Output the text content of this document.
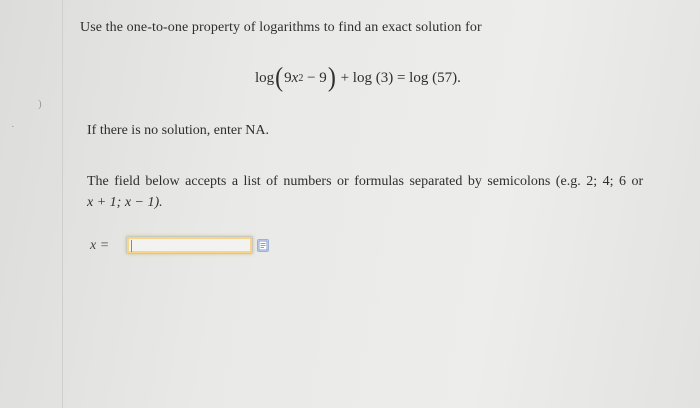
)
·
Use the one-to-one property of logarithms to find an exact solution for
log ( 9 x 2 − 9 ) + log
(3) = log
(57).
If there is no solution, enter NA.
The field below accepts a list of numbers or formulas separated by semicolons (e.g. 2; 4; 6 or
x + 1; x − 1).
x =
